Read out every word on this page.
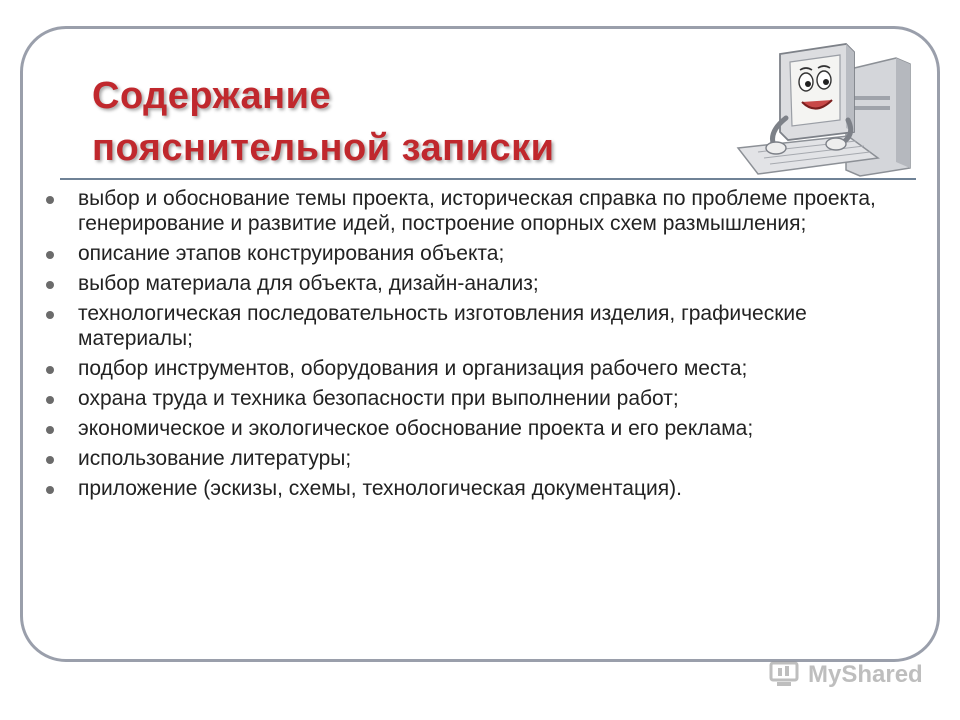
Содержание
пояснительной записки
выбор и обоснование темы проекта, историческая справка по проблеме проекта, генерирование и развитие идей, построение опорных схем размышления;
описание этапов конструирования объекта;
выбор материала для объекта, дизайн-анализ;
технологическая последовательность изготовления изделия, графические материалы;
подбор инструментов, оборудования и организация рабочего места;
охрана труда и техника безопасности при выполнении работ;
экономическое и экологическое обоснование проекта и его реклама;
использование литературы;
приложение (эскизы, схемы, технологическая документация).
MyShared
